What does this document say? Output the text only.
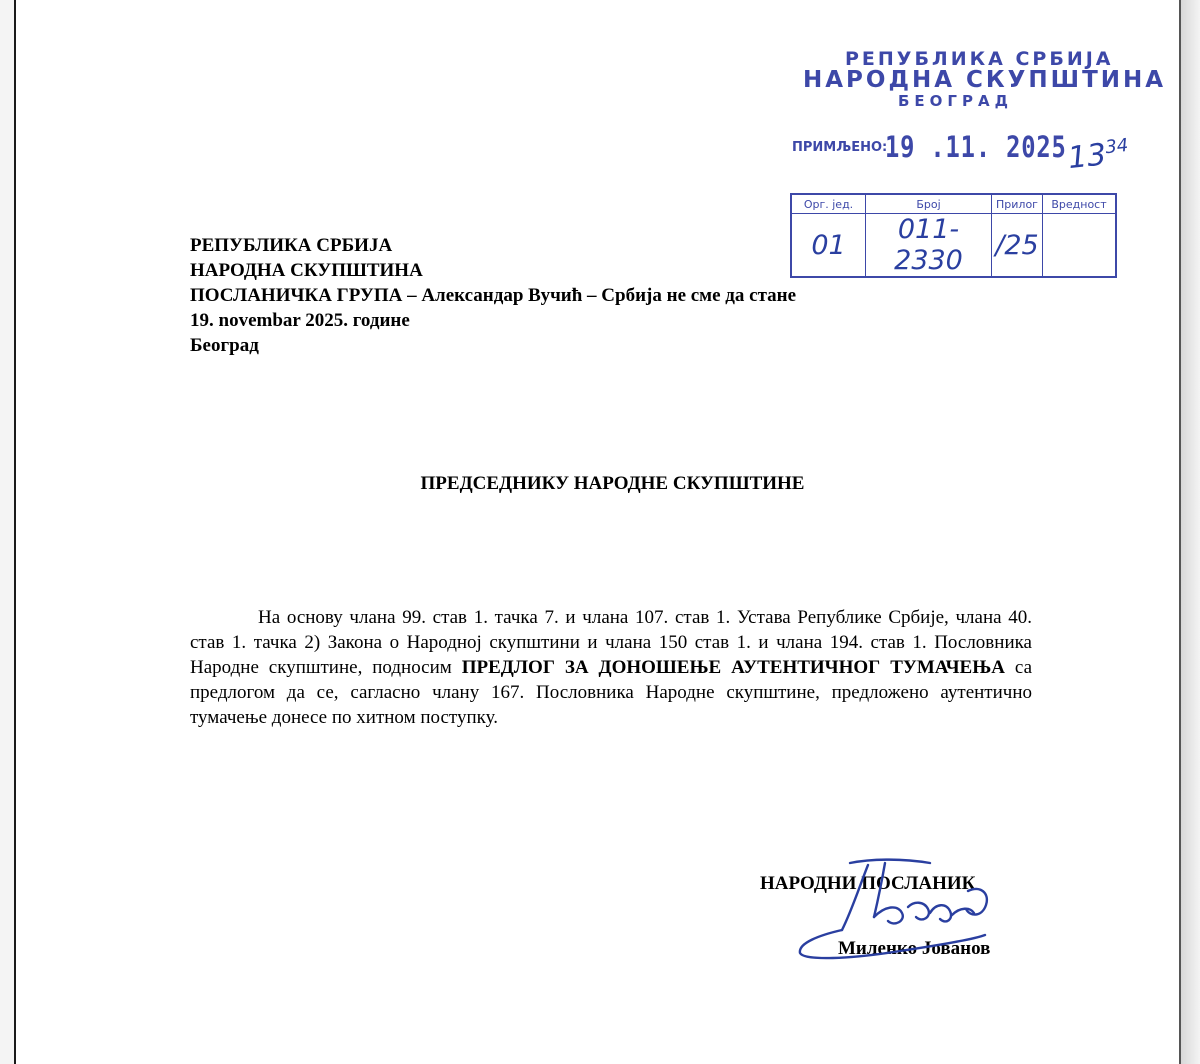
РЕПУБЛИКА СРБИЈА
НАРОДНА СКУПШТИНА
БЕОГРАД
ПРИМЉЕНО:
19 .11. 2025 $13^{34}$
Орг. јед.	Број	Прилог	Вредност
01	011-2330	/25	
РЕПУБЛИКА СРБИЈА
НАРОДНА СКУПШТИНА
ПОСЛАНИЧКА ГРУПА – Александар Вучић – Србија не сме да стане
19. novembar 2025. године
Београд
ПРЕДСЕДНИКУ НАРОДНЕ СКУПШТИНЕ
На основу члана 99. став 1. тачка 7. и члана 107. став 1. Устава Републике Србије, члана 40. став 1. тачка 2) Закона о Народној скупштини и члана 150 став 1. и члана 194. став 1. Пословника Народне скупштине, подносим ПРЕДЛОГ ЗА ДОНОШЕЊЕ АУТЕНТИЧНОГ ТУМАЧЕЊА са предлогом да се, сагласно члану 167. Пословника Народне скупштине, предложено аутентично тумачење донесе по хитном поступку.
НАРОДНИ ПОСЛАНИК
Миленко Јованов
